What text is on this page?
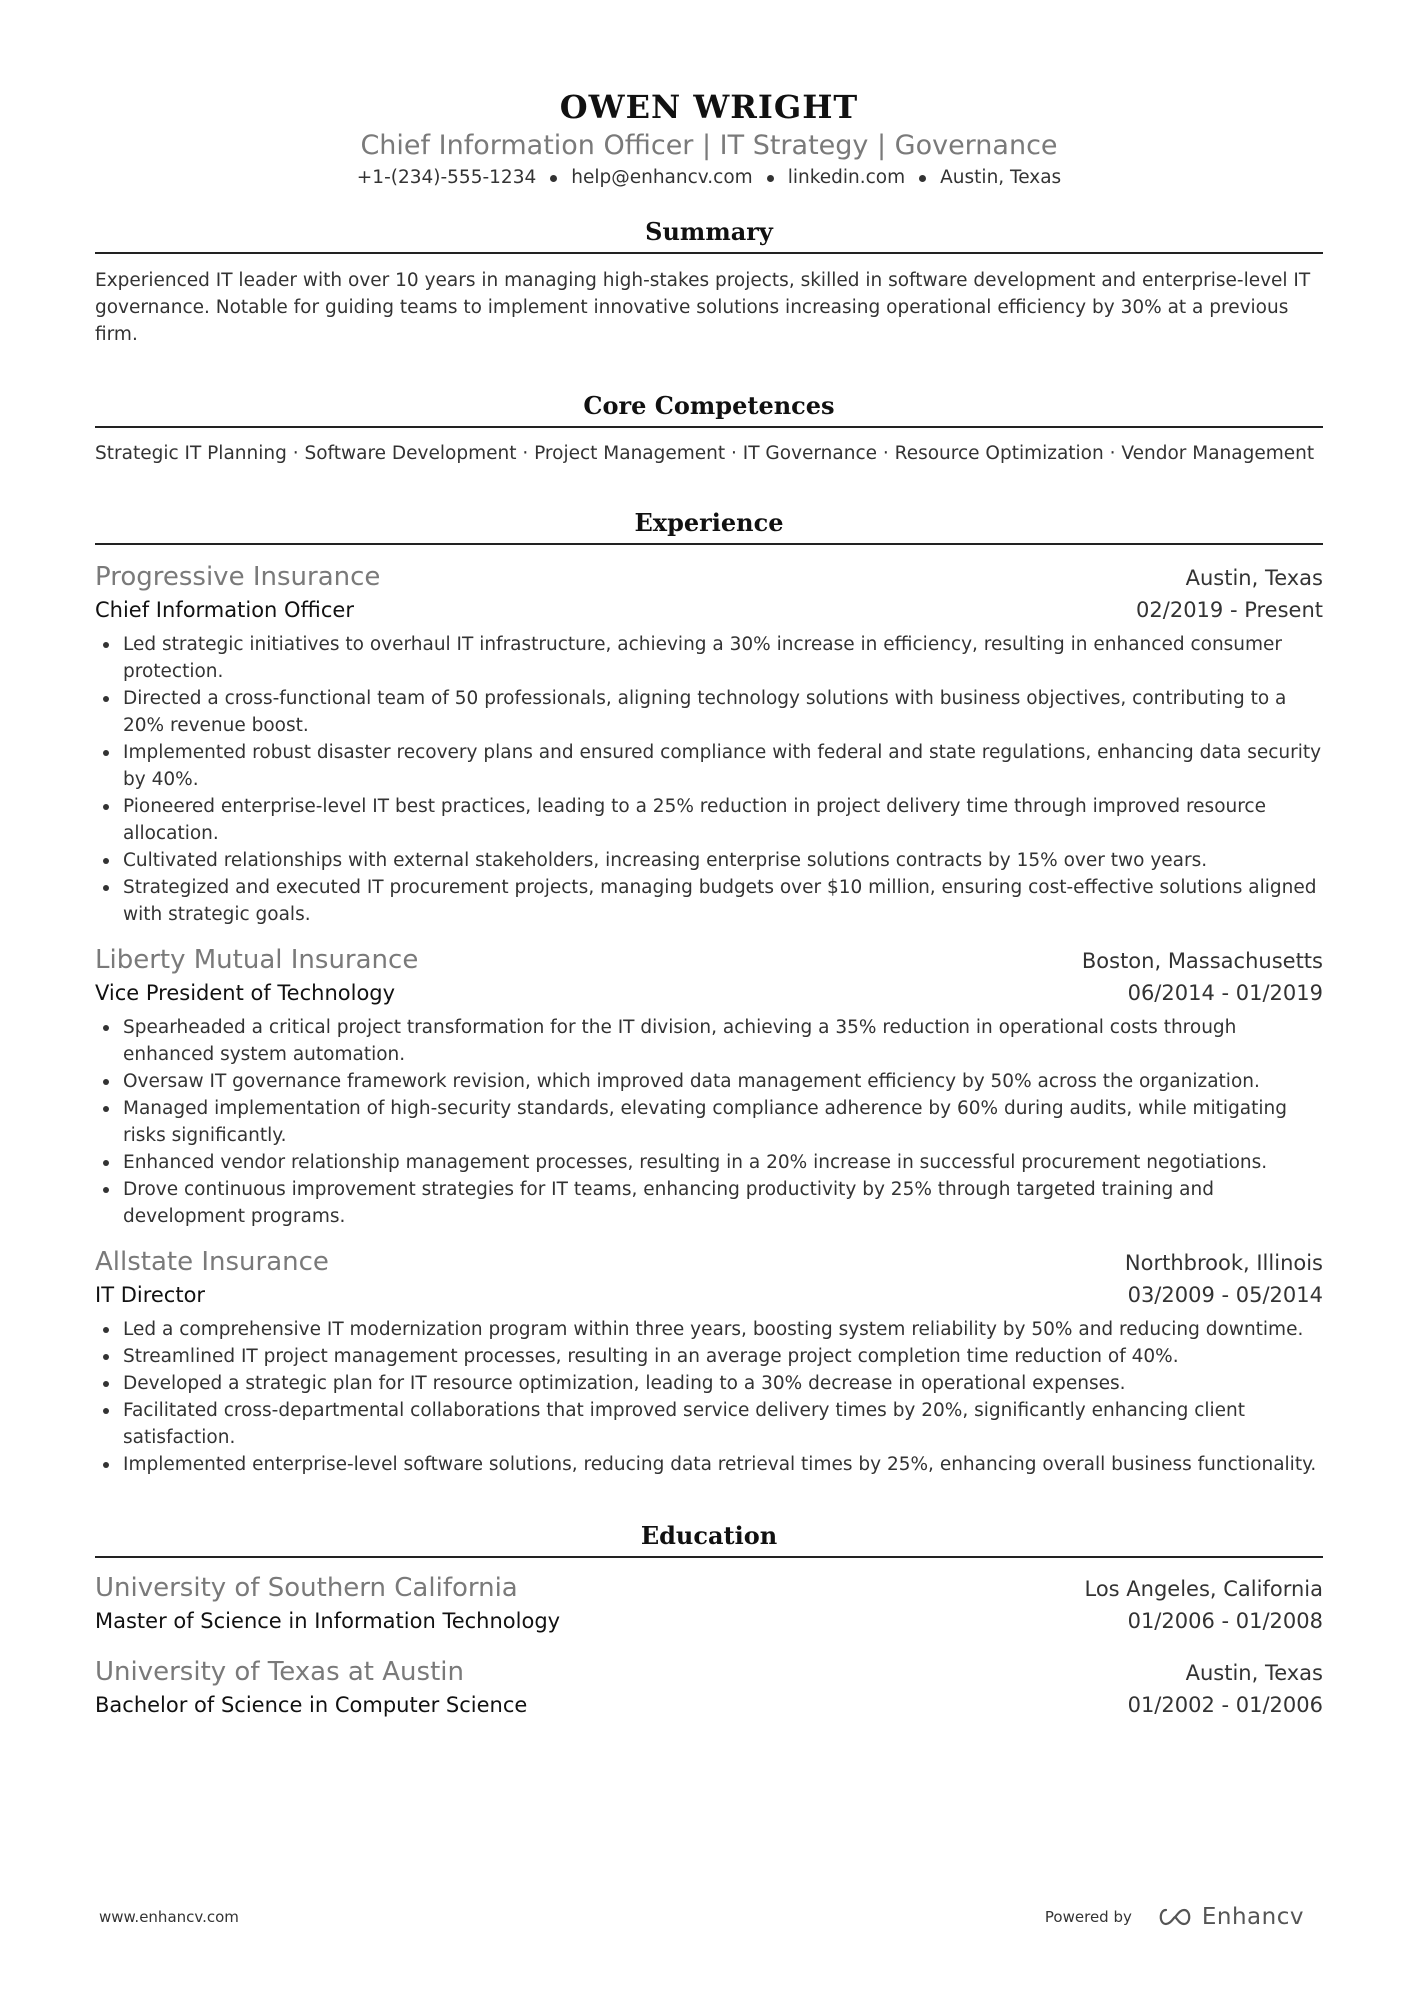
OWEN WRIGHT
Chief Information Officer | IT Strategy | Governance
+1-(234)-555-1234 help@enhancv.com linkedin.com Austin, Texas
Summary
Experienced IT leader with over 10 years in managing high-stakes projects, skilled in software development and enterprise-level IT governance. Notable for guiding teams to implement innovative solutions increasing operational efficiency by 30% at a previous firm.
Core Competences
Strategic IT Planning · Software Development · Project Management · IT Governance · Resource Optimization · Vendor Management
Experience
Progressive Insurance	Austin, Texas
Chief Information Officer	02/2019 - Present
Led strategic initiatives to overhaul IT infrastructure, achieving a 30% increase in efficiency, resulting in enhanced consumer protection.
Directed a cross-functional team of 50 professionals, aligning technology solutions with business objectives, contributing to a 20% revenue boost.
Implemented robust disaster recovery plans and ensured compliance with federal and state regulations, enhancing data security by 40%.
Pioneered enterprise-level IT best practices, leading to a 25% reduction in project delivery time through improved resource allocation.
Cultivated relationships with external stakeholders, increasing enterprise solutions contracts by 15% over two years.
Strategized and executed IT procurement projects, managing budgets over $10 million, ensuring cost-effective solutions aligned with strategic goals.
Liberty Mutual Insurance	Boston, Massachusetts
Vice President of Technology	06/2014 - 01/2019
Spearheaded a critical project transformation for the IT division, achieving a 35% reduction in operational costs through enhanced system automation.
Oversaw IT governance framework revision, which improved data management efficiency by 50% across the organization.
Managed implementation of high-security standards, elevating compliance adherence by 60% during audits, while mitigating risks significantly.
Enhanced vendor relationship management processes, resulting in a 20% increase in successful procurement negotiations.
Drove continuous improvement strategies for IT teams, enhancing productivity by 25% through targeted training and development programs.
Allstate Insurance	Northbrook, Illinois
IT Director	03/2009 - 05/2014
Led a comprehensive IT modernization program within three years, boosting system reliability by 50% and reducing downtime.
Streamlined IT project management processes, resulting in an average project completion time reduction of 40%.
Developed a strategic plan for IT resource optimization, leading to a 30% decrease in operational expenses.
Facilitated cross-departmental collaborations that improved service delivery times by 20%, significantly enhancing client satisfaction.
Implemented enterprise-level software solutions, reducing data retrieval times by 25%, enhancing overall business functionality.
Education
University of Southern California	Los Angeles, California
Master of Science in Information Technology	01/2006 - 01/2008
University of Texas at Austin	Austin, Texas
Bachelor of Science in Computer Science	01/2002 - 01/2006
www.enhancv.com	Powered by	Enhancv
